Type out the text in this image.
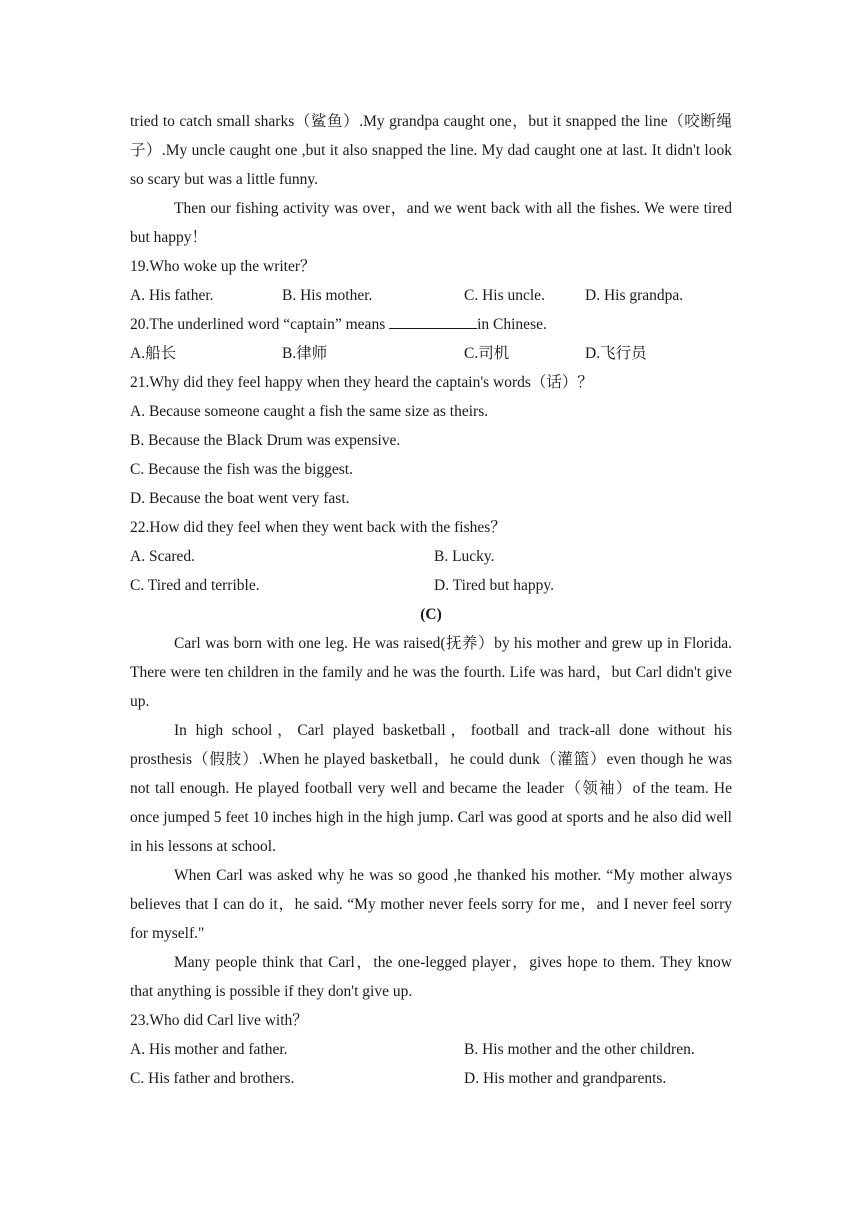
tried to catch small sharks（鲨鱼）.My grandpa caught one，but it snapped the line（咬断绳子）.My uncle caught one ,but it also snapped the line. My dad caught one at last. It didn't look so scary but was a little funny.

Then our fishing activity was over，and we went back with all the fishes. We were tired but happy！

19.Who woke up the writer？

A. His father.	B. His mother.	C. His uncle.	D. His grandpa.

20.The underlined word “captain” means	in Chinese.

A.船长	B.律师	C.司机	D.飞行员

21.Why did they feel happy when they heard the captain's words（话）？

A. Because someone caught a fish the same size as theirs.

B. Because the Black Drum was expensive.

C. Because the fish was the biggest.

D. Because the boat went very fast.

22.How did they feel when they went back with the fishes？

A. Scared.	B. Lucky.
C. Tired and terrible.	D. Tired but happy.

(C)

Carl was born with one leg. He was raised(抚养）by his mother and grew up in Florida. There were ten children in the family and he was the fourth. Life was hard，but Carl didn't give up.

In high school，Carl played basketball，football and track-all done without his prosthesis（假肢）.When he played basketball，he could dunk（灌篮）even though he was not tall enough. He played football very well and became the leader（领袖）of the team. He once jumped 5 feet 10 inches high in the high jump. Carl was good at sports and he also did well in his lessons at school.

When Carl was asked why he was so good ,he thanked his mother. “My mother always believes that I can do it，he said. “My mother never feels sorry for me，and I never feel sorry for myself."

Many people think that Carl，the one-legged player，gives hope to them. They know that anything is possible if they don't give up.

23.Who did Carl live with？

A. His mother and father.	B. His mother and the other children.
C. His father and brothers.	D. His mother and grandparents.
